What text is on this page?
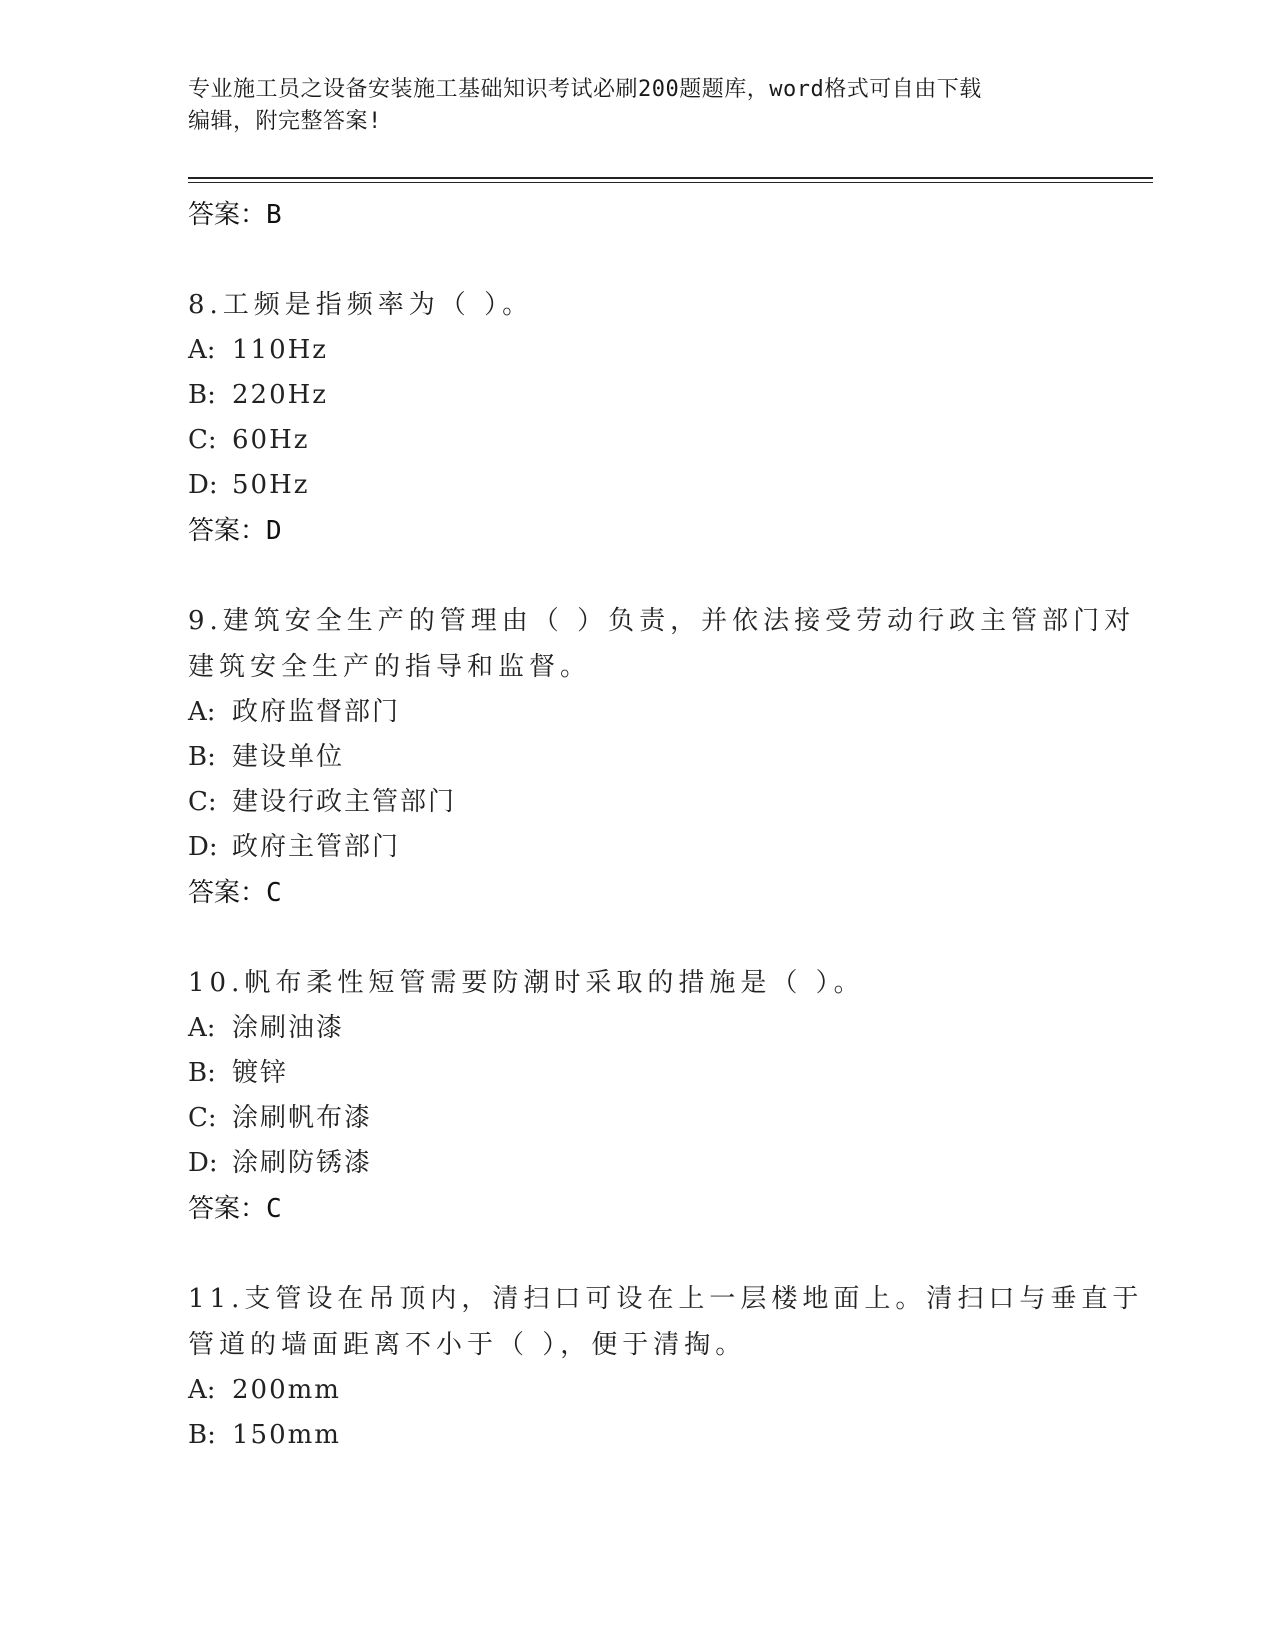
专业施工员之设备安装施工基础知识考试必刷200题题库，word格式可自由下载
编辑，附完整答案!
答案：B
8.工频是指频率为（ ）。
A: 110Hz
B: 220Hz
C: 60Hz
D: 50Hz
答案：D
9.建筑安全生产的管理由（ ）负责，并依法接受劳动行政主管部门对
建筑安全生产的指导和监督。
A: 政府监督部门
B: 建设单位
C: 建设行政主管部门
D: 政府主管部门
答案：C
10.帆布柔性短管需要防潮时采取的措施是（ ）。
A: 涂刷油漆
B: 镀锌
C: 涂刷帆布漆
D: 涂刷防锈漆
答案：C
11.支管设在吊顶内，清扫口可设在上一层楼地面上。清扫口与垂直于
管道的墙面距离不小于（ ），便于清掏。
A: 200mm
B: 150mm
